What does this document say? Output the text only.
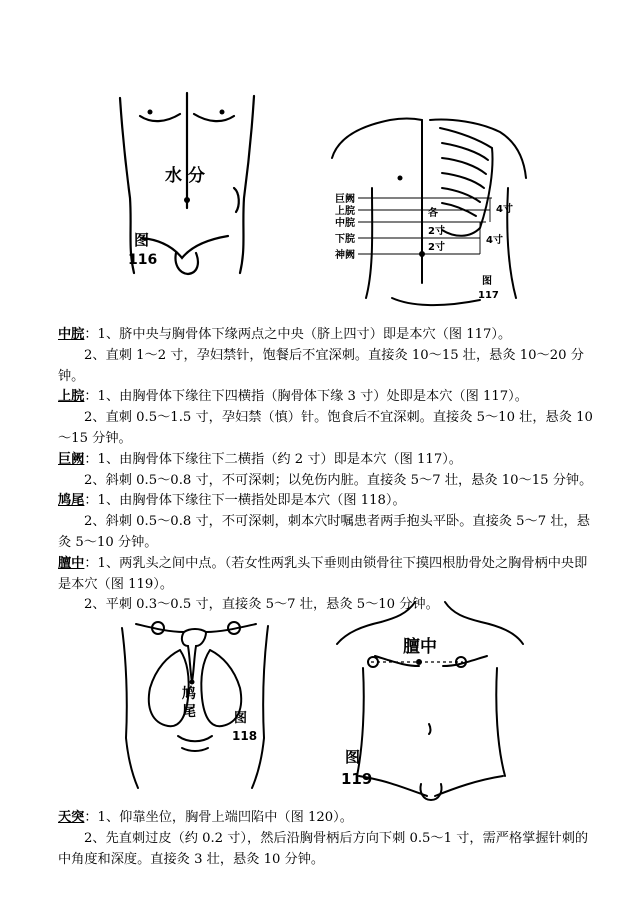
水 分
图
116
巨阙
上脘
中脘
下脘
神阙
各
2寸
2寸
4寸
4寸
图
117

中脘：1、脐中央与胸骨体下缘两点之中央（脐上四寸）即是本穴（图 117）。

2、直刺 1～2 寸，孕妇禁针，饱餐后不宜深刺。直接灸 10～15 壮，悬灸 10～20 分钟。

上脘：1、由胸骨体下缘往下四横指（胸骨体下缘 3 寸）处即是本穴（图 117）。

2、直刺 0.5～1.5 寸，孕妇禁（慎）针。饱食后不宜深刺。直接灸 5～10 壮，悬灸 10～15 分钟。

巨阙：1、由胸骨体下缘往下二横指（约 2 寸）即是本穴（图 117）。

2、斜刺 0.5～0.8 寸，不可深刺；以免伤内脏。直接灸 5～7 壮，悬灸 10～15 分钟。

鸠尾：1、由胸骨体下缘往下一横指处即是本穴（图 118）。

2、斜刺 0.5～0.8 寸，不可深刺，刺本穴时嘱患者两手抱头平卧。直接灸 5～7 壮，悬灸 5～10 分钟。

膻中：1、两乳头之间中点。（若女性两乳头下垂则由锁骨往下摸四根肋骨处之胸骨柄中央即是本穴（图 119）。

2、平刺 0.3～0.5 寸，直接灸 5～7 壮，悬灸 5～10 分钟。

鸠
尾	图
118
膻中
图
119

天突：1、仰靠坐位，胸骨上端凹陷中（图 120）。

2、先直刺过皮（约 0.2 寸），然后沿胸骨柄后方向下刺 0.5～1 寸，需严格掌握针刺的中角度和深度。直接灸 3 壮，悬灸 10 分钟。
